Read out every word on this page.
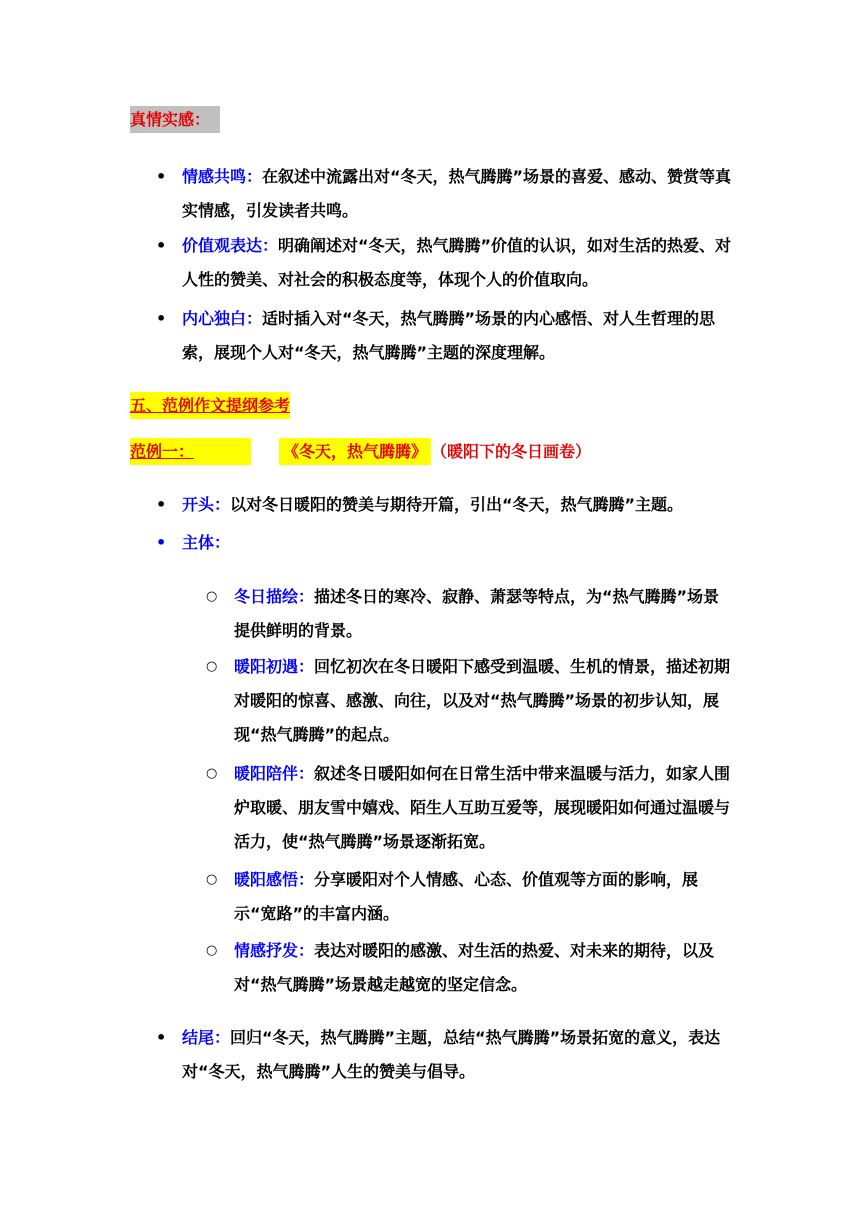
真情实感：
• 情感共鸣：在叙述中流露出对“冬天，热气腾腾”场景的喜爱、感动、赞赏等真实情感，引发读者共鸣。
• 价值观表达：明确阐述对“冬天，热气腾腾”价值的认识，如对生活的热爱、对人性的赞美、对社会的积极态度等，体现个人的价值取向。
• 内心独白：适时插入对“冬天，热气腾腾”场景的内心感悟、对人生哲理的思索，展现个人对“冬天，热气腾腾”主题的深度理解。
五、范例作文提纲参考
范例一：	《冬天，热气腾腾》 （暖阳下的冬日画卷）
• 开头：以对冬日暖阳的赞美与期待开篇，引出“冬天，热气腾腾”主题。
• 主体：
○ 冬日描绘：描述冬日的寒冷、寂静、萧瑟等特点，为“热气腾腾”场景提供鲜明的背景。
○ 暖阳初遇：回忆初次在冬日暖阳下感受到温暖、生机的情景，描述初期对暖阳的惊喜、感激、向往，以及对“热气腾腾”场景的初步认知，展现“热气腾腾”的起点。
○ 暖阳陪伴：叙述冬日暖阳如何在日常生活中带来温暖与活力，如家人围炉取暖、朋友雪中嬉戏、陌生人互助互爱等，展现暖阳如何通过温暖与活力，使“热气腾腾”场景逐渐拓宽。
○ 暖阳感悟：分享暖阳对个人情感、心态、价值观等方面的影响，展示“宽路”的丰富内涵。
○ 情感抒发：表达对暖阳的感激、对生活的热爱、对未来的期待，以及对“热气腾腾”场景越走越宽的坚定信念。
• 结尾：回归“冬天，热气腾腾”主题，总结“热气腾腾”场景拓宽的意义，表达对“冬天，热气腾腾”人生的赞美与倡导。
